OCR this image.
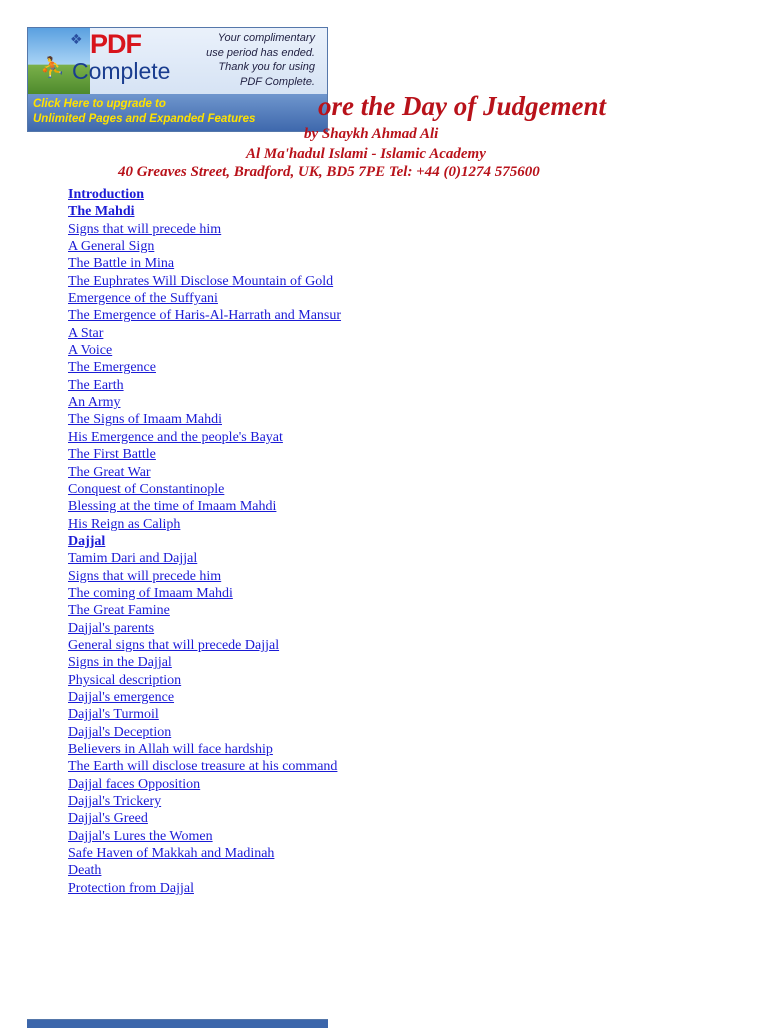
⛹
❖ PDF
Complete
Your complimentary
use period has ended.
Thank you for using
PDF Complete.
Click Here to upgrade to
Unlimited Pages and Expanded Features	ore the Day of Judgement
by Shaykh Ahmad Ali
Al Ma'hadul Islami - Islamic Academy
40 Greaves Street, Bradford, UK, BD5 7PE Tel: +44 (0)1274 575600
Introduction
The Mahdi
Signs that will precede him
A General Sign
The Battle in Mina
The Euphrates Will Disclose Mountain of Gold
Emergence of the Suffyani
The Emergence of Haris-Al-Harrath and Mansur
A Star
A Voice
The Emergence
The Earth
An Army
The Signs of Imaam Mahdi
His Emergence and the people's Bayat
The First Battle
The Great War
Conquest of Constantinople
Blessing at the time of Imaam Mahdi
His Reign as Caliph
Dajjal
Tamim Dari and Dajjal
Signs that will precede him
The coming of Imaam Mahdi
The Great Famine
Dajjal's parents
General signs that will precede Dajjal
Signs in the Dajjal
Physical description
Dajjal's emergence
Dajjal's Turmoil
Dajjal's Deception
Believers in Allah will face hardship
The Earth will disclose treasure at his command
Dajjal faces Opposition
Dajjal's Trickery
Dajjal's Greed
Dajjal's Lures the Women
Safe Haven of Makkah and Madinah
Death
Protection from Dajjal
